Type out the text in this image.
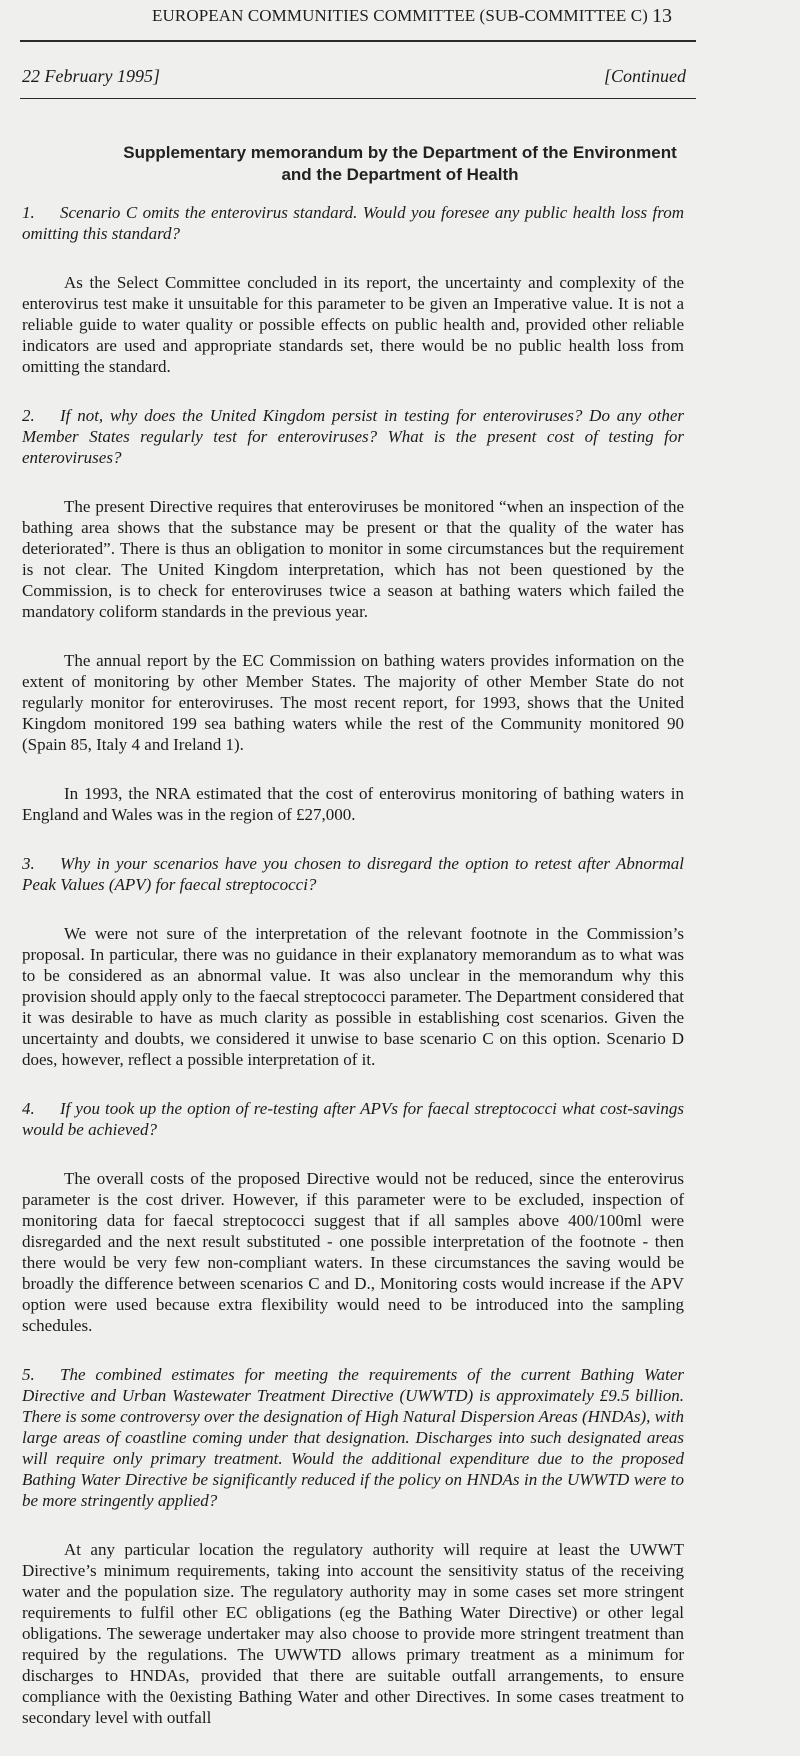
EUROPEAN COMMUNITIES COMMITTEE (SUB-COMMITTEE C) 13
22 February 1995]	[Continued
Supplementary memorandum by the Department of the Environment
and the Department of Health

1. Scenario C omits the enterovirus standard. Would you foresee any public health loss from omitting this standard?

As the Select Committee concluded in its report, the uncertainty and complexity of the enterovirus test make it unsuitable for this parameter to be given an Imperative value. It is not a reliable guide to water quality or possible effects on public health and, provided other reliable indicators are used and appropriate standards set, there would be no public health loss from omitting the standard.

2. If not, why does the United Kingdom persist in testing for enteroviruses? Do any other Member States regularly test for enteroviruses? What is the present cost of testing for enteroviruses?

The present Directive requires that enteroviruses be monitored “when an inspection of the bathing area shows that the substance may be present or that the quality of the water has deteriorated”. There is thus an obligation to monitor in some circumstances but the requirement is not clear. The United Kingdom interpretation, which has not been questioned by the Commission, is to check for enteroviruses twice a season at bathing waters which failed the mandatory coliform standards in the previous year.

The annual report by the EC Commission on bathing waters provides information on the extent of monitoring by other Member States. The majority of other Member State do not regularly monitor for enteroviruses. The most recent report, for 1993, shows that the United Kingdom monitored 199 sea bathing waters while the rest of the Community monitored 90 (Spain 85, Italy 4 and Ireland 1).

In 1993, the NRA estimated that the cost of enterovirus monitoring of bathing waters in England and Wales was in the region of £27,000.

3. Why in your scenarios have you chosen to disregard the option to retest after Abnormal Peak Values (APV) for faecal streptococci?

We were not sure of the interpretation of the relevant footnote in the Commission’s proposal. In particular, there was no guidance in their explanatory memorandum as to what was to be considered as an abnormal value. It was also unclear in the memorandum why this provision should apply only to the faecal streptococci parameter. The Department considered that it was desirable to have as much clarity as possible in establishing cost scenarios. Given the uncertainty and doubts, we considered it unwise to base scenario C on this option. Scenario D does, however, reflect a possible interpretation of it.

4. If you took up the option of re-testing after APVs for faecal streptococci what cost-savings would be achieved?

The overall costs of the proposed Directive would not be reduced, since the enterovirus parameter is the cost driver. However, if this parameter were to be excluded, inspection of monitoring data for faecal streptococci suggest that if all samples above 400/100ml were disregarded and the next result substituted - one possible interpretation of the footnote - then there would be very few non-compliant waters. In these circumstances the saving would be broadly the difference between scenarios C and D., Monitoring costs would increase if the APV option were used because extra flexibility would need to be introduced into the sampling schedules.

5. The combined estimates for meeting the requirements of the current Bathing Water Directive and Urban Wastewater Treatment Directive (UWWTD) is approximately £9.5 billion. There is some controversy over the designation of High Natural Dispersion Areas (HNDAs), with large areas of coastline coming under that designation. Discharges into such designated areas will require only primary treatment. Would the additional expenditure due to the proposed Bathing Water Directive be significantly reduced if the policy on HNDAs in the UWWTD were to be more stringently applied?

At any particular location the regulatory authority will require at least the UWWT Directive’s minimum requirements, taking into account the sensitivity status of the receiving water and the population size. The regulatory authority may in some cases set more stringent requirements to fulfil other EC obligations (eg the Bathing Water Directive) or other legal obligations. The sewerage undertaker may also choose to provide more stringent treatment than required by the regulations. The UWWTD allows primary treatment as a minimum for discharges to HNDAs, provided that there are suitable outfall arrangements, to ensure compliance with the 0existing Bathing Water and other Directives. In some cases treatment to secondary level with outfall
